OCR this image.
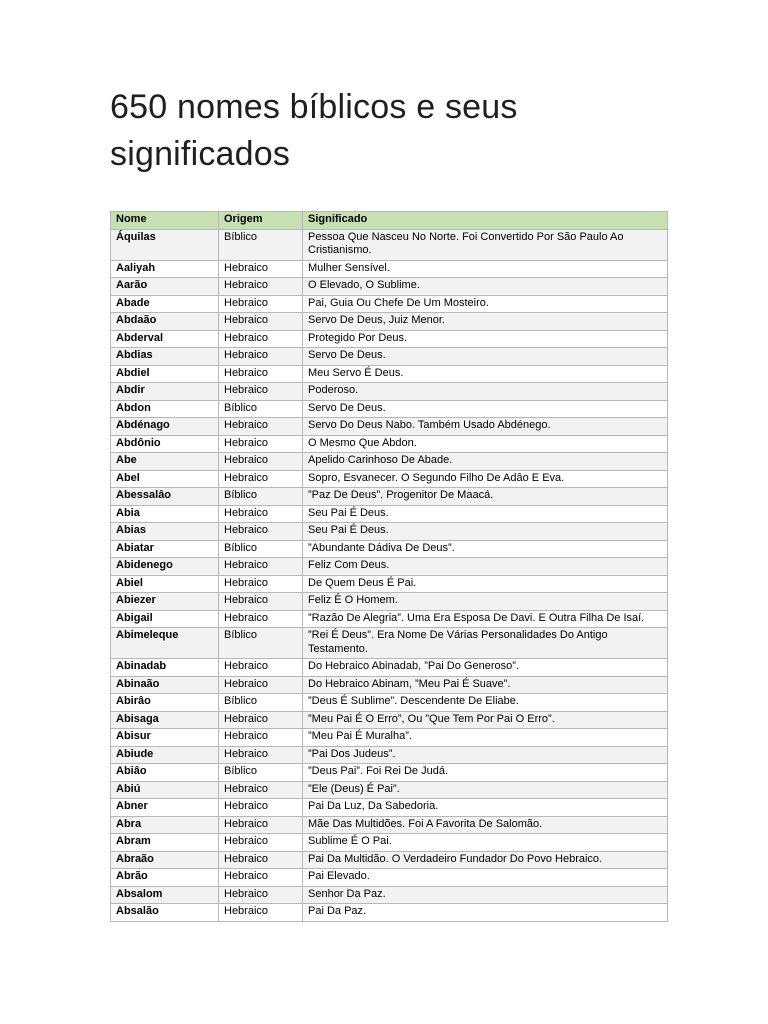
650 nomes bíblicos e seus significados
Nome	Origem	Significado
Áquilas	Bíblico	Pessoa Que Nasceu No Norte. Foi Convertido Por São Paulo Ao Cristianismo.
Aaliyah	Hebraico	Mulher Sensível.
Aarão	Hebraico	O Elevado, O Sublime.
Abade	Hebraico	Pai, Guia Ou Chefe De Um Mosteiro.
Abdaão	Hebraico	Servo De Deus, Juiz Menor.
Abderval	Hebraico	Protegido Por Deus.
Abdias	Hebraico	Servo De Deus.
Abdiel	Hebraico	Meu Servo É Deus.
Abdir	Hebraico	Poderoso.
Abdon	Bíblico	Servo De Deus.
Abdénago	Hebraico	Servo Do Deus Nabo. Também Usado Abdénego.
Abdônio	Hebraico	O Mesmo Que Abdon.
Abe	Hebraico	Apelido Carinhoso De Abade.
Abel	Hebraico	Sopro, Esvanecer. O Segundo Filho De Adâo E Eva.
Abessalâo	Bíblico	”Paz De Deus”. Progenitor De Maacá.
Abia	Hebraico	Seu Pai É Deus.
Abias	Hebraico	Seu Pai É Deus.
Abiatar	Bíblico	”Abundante Dádiva De Deus”.
Abidenego	Hebraico	Feliz Com Deus.
Abiel	Hebraico	De Quem Deus É Pai.
Abiezer	Hebraico	Feliz É O Homem.
Abigail	Hebraico	”Razão De Alegria”. Uma Era Esposa De Davi. E Outra Filha De Isaí.
Abimeleque	Bíblico	”Rei É Deus”. Era Nome De Várias Personalidades Do Antigo Testamento.
Abinadab	Hebraico	Do Hebraico Abinadab, ”Pai Do Generoso”.
Abinaão	Hebraico	Do Hebraico Abinam, ”Meu Pai É Suave”.
Abirâo	Bíblico	”Deus É Sublime”. Descendente De Eliabe.
Abisaga	Hebraico	”Meu Pai É O Erro”, Ou ”Que Tem Por Pai O Erro”.
Abisur	Hebraico	”Meu Pai É Muralha”.
Abiude	Hebraico	”Pai Dos Judeus”.
Abiâo	Bíblico	”Deus Pai”. Foi Rei De Judá.
Abiú	Hebraico	”Ele (Deus) É Pai”.
Abner	Hebraico	Pai Da Luz, Da Sabedoria.
Abra	Hebraico	Mãe Das Multidões. Foi A Favorita De Salomão.
Abram	Hebraico	Sublime É O Pai.
Abraão	Hebraico	Pai Da Multidão. O Verdadeiro Fundador Do Povo Hebraico.
Abrão	Hebraico	Pai Elevado.
Absalom	Hebraico	Senhor Da Paz.
Absalão	Hebraico	Pai Da Paz.
